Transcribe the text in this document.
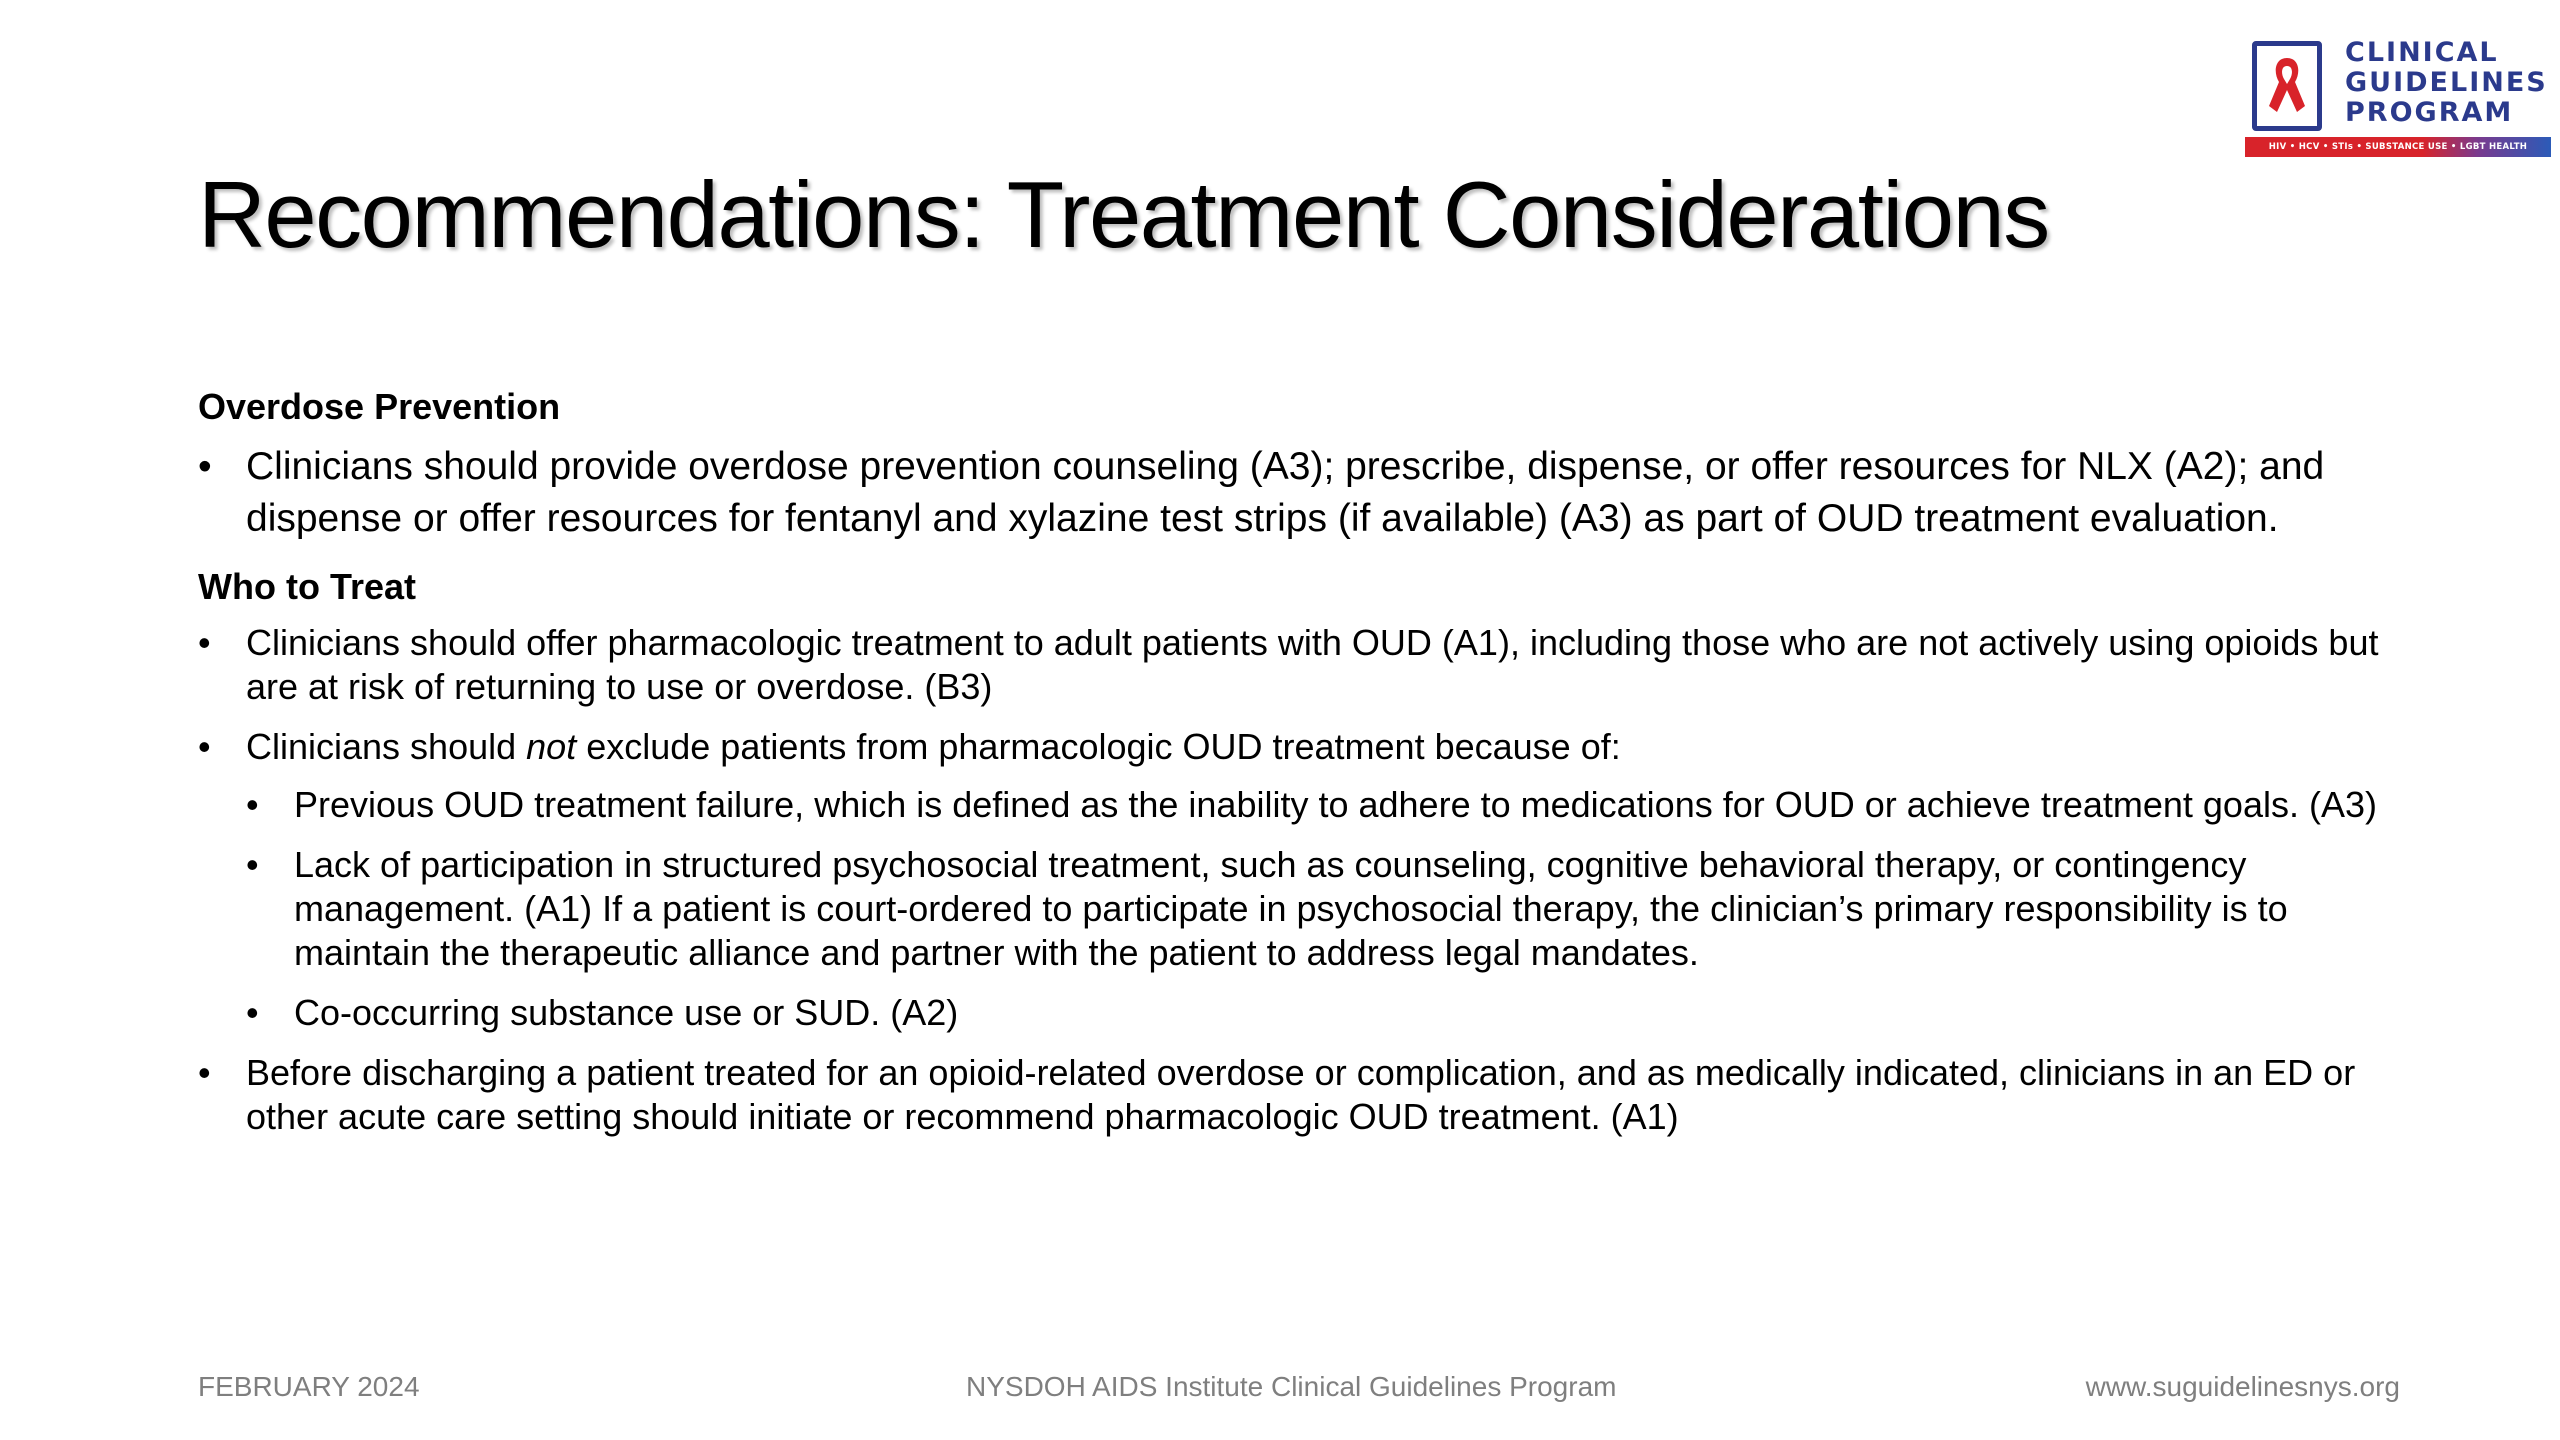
CLINICAL
GUIDELINES
PROGRAM
HIV • HCV • STIs • SUBSTANCE USE • LGBT HEALTH
Recommendations: Treatment Considerations
Overdose Prevention
• Clinicians should provide overdose prevention counseling (A3); prescribe, dispense, or offer resources for NLX (A2); and dispense or offer resources for fentanyl and xylazine test strips (if available) (A3) as part of OUD treatment evaluation.
Who to Treat
• Clinicians should offer pharmacologic treatment to adult patients with OUD (A1), including those who are not actively using opioids but are at risk of returning to use or overdose. (B3)
• Clinicians should not exclude patients from pharmacologic OUD treatment because of:
• Previous OUD treatment failure, which is defined as the inability to adhere to medications for OUD or achieve treatment goals. (A3)
• Lack of participation in structured psychosocial treatment, such as counseling, cognitive behavioral therapy, or contingency management. (A1) If a patient is court-ordered to participate in psychosocial therapy, the clinician’s primary responsibility is to maintain the therapeutic alliance and partner with the patient to address legal mandates.
• Co-occurring substance use or SUD. (A2)
• Before discharging a patient treated for an opioid-related overdose or complication, and as medically indicated, clinicians in an ED or other acute care setting should initiate or recommend pharmacologic OUD treatment. (A1)
FEBRUARY 2024	NYSDOH AIDS Institute Clinical Guidelines Program	www.suguidelinesnys.org
